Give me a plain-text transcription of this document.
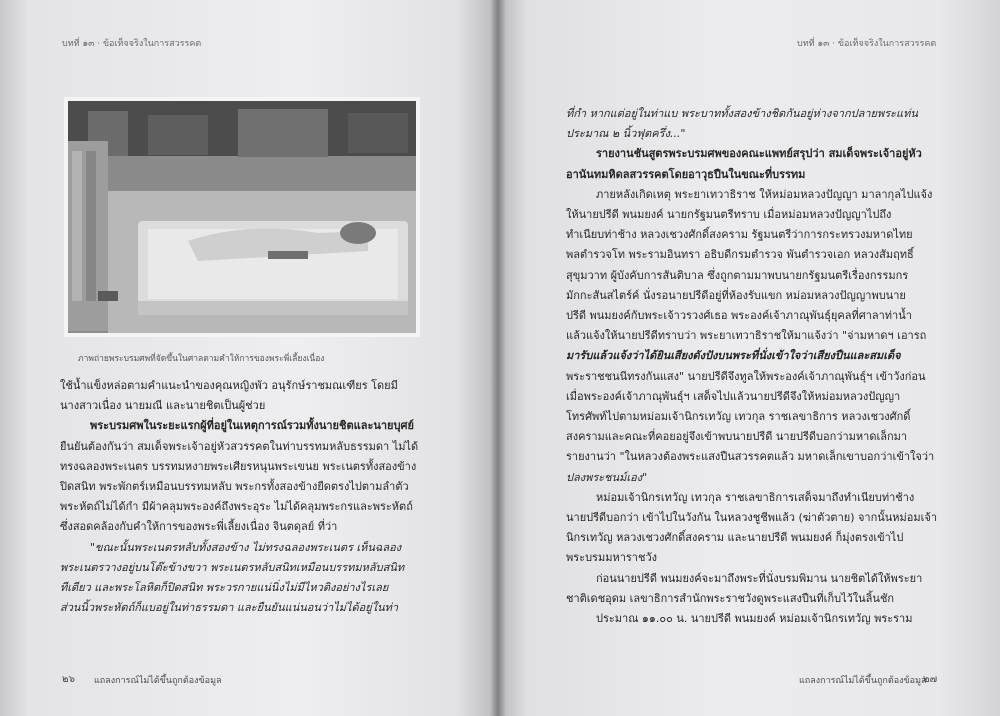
บทที่ ๑๓ · ข้อเท็จจริงในการสวรรคต
ภาพถ่ายพระบรมศพที่จัดขึ้นในศาลตามคำให้การของพระพี่เลี้ยงเนื่อง

ใช้น้ำแข็งหล่อตามคำแนะนำของคุณหญิงพัว อนุรักษ์ราชมณเฑียร โดยมี

นางสาวเนื่อง นายมณี และนายชิตเป็นผู้ช่วย

พระบรมศพในระยะแรกผู้ที่อยู่ในเหตุการณ์รวมทั้งนายชิตและนายบุศย์

ยืนยันต้องกันว่า สมเด็จพระเจ้าอยู่หัวสวรรคตในท่าบรรทมหลับธรรมดา ไม่ได้

ทรงฉลองพระเนตร บรรทมหงายพระเศียรหนุนพระเขนย พระเนตรทั้งสองข้าง

ปิดสนิท พระพักตร์เหมือนบรรทมหลับ พระกรทั้งสองข้างยืดตรงไปตามลำตัว

พระหัตถ์ไม่ได้กำ มีผ้าคลุมพระองค์ถึงพระอุระ ไม่ได้คลุมพระกรและพระหัตถ์

ซึ่งสอดคล้องกับคำให้การของพระพี่เลี้ยงเนื่อง จินตดุลย์ ที่ว่า

"ขณะนั้นพระเนตรหลับทั้งสองข้าง ไม่ทรงฉลองพระเนตร เห็นฉลอง

พระเนตรวางอยู่บนโต๊ะข้างขวา พระเนตรหลับสนิทเหมือนบรรทมหลับสนิท

ทีเดียว และพระโลหิตก็ปิดสนิท พระวรกายแน่นิ่งไม่มีไหวติงอย่างไรเลย

ส่วนนิ้วพระหัตถ์ก็แบอยู่ในท่าธรรมดา และยืนยันแน่นอนว่าไม่ได้อยู่ในท่า

๒๖ แถลงการณ์ไม่ได้ขึ้นถูกต้องข้อมูล
บทที่ ๑๓ · ข้อเท็จจริงในการสวรรคต

ที่กำ หากแต่อยู่ในท่าแบ พระบาททั้งสองข้างชิดกันอยู่ห่างจากปลายพระแท่น

ประมาณ ๒ นิ้วฟุตครึ่ง..."

รายงานชันสูตรพระบรมศพของคณะแพทย์สรุปว่า สมเด็จพระเจ้าอยู่หัว

อานันทมหิดลสวรรคตโดยอาวุธปืนในขณะที่บรรทม

ภายหลังเกิดเหตุ พระยาเทวาธิราช ให้หม่อมหลวงปัญญา มาลากุลไปแจ้ง

ให้นายปรีดี พนมยงค์ นายกรัฐมนตรีทราบ เมื่อหม่อมหลวงปัญญาไปถึง

ทำเนียบท่าช้าง หลวงเชวงศักดิ์สงคราม รัฐมนตรีว่าการกระทรวงมหาดไทย

พลตำรวจโท พระรามอินทรา อธิบดีกรมตำรวจ พันตำรวจเอก หลวงสัมฤทธิ์

สุขุมวาท ผู้บังคับการสันติบาล ซึ่งถูกตามมาพบนายกรัฐมนตรีเรื่องกรรมกร

มักกะสันสไตร์ค์ นั่งรอนายปรีดีอยู่ที่ห้องรับแขก หม่อมหลวงปัญญาพบนาย

ปรีดี พนมยงค์กับพระเจ้าวรวงศ์เธอ พระองค์เจ้าภาณุพันธุ์ยุคลที่ศาลาท่าน้ำ

แล้วแจ้งให้นายปรีดีทราบว่า พระยาเทวาธิราชให้มาแจ้งว่า "จ่ามหาดฯ เอารถ

มารับแล้วแจ้งว่าได้ยินเสียงดังปังบนพระที่นั่งเข้าใจว่าเสียงปืนและสมเด็จ

พระราชชนนีทรงกันแสง" นายปรีดีจึงทูลให้พระองค์เจ้าภาณุพันธุ์ฯ เข้าวังก่อน

เมื่อพระองค์เจ้าภาณุพันธุ์ฯ เสด็จไปแล้วนายปรีดีจึงให้หม่อมหลวงปัญญา

โทรศัพท์ไปตามหม่อมเจ้านิกรเทวัญ เทวกุล ราชเลขาธิการ หลวงเชวงศักดิ์

สงครามและคณะที่คอยอยู่จึงเข้าพบนายปรีดี นายปรีดีบอกว่ามหาดเล็กมา

รายงานว่า "ในหลวงต้องพระแสงปืนสวรรคตแล้ว มหาดเล็กเขาบอกว่าเข้าใจว่า

ปลงพระชนม์เอง"

หม่อมเจ้านิกรเทวัญ เทวกุล ราชเลขาธิการเสด็จมาถึงทำเนียบท่าช้าง

นายปรีดีบอกว่า เข้าไปในวังกัน ในหลวงชูชีพแล้ว (ฆ่าตัวตาย) จากนั้นหม่อมเจ้า

นิกรเทวัญ หลวงเชวงศักดิ์สงคราม และนายปรีดี พนมยงค์ ก็มุ่งตรงเข้าไป

พระบรมมหาราชวัง

ก่อนนายปรีดี พนมยงค์จะมาถึงพระที่นั่งบรมพิมาน นายชิตได้ให้พระยา

ชาติเดชอุดม เลขาธิการสำนักพระราชวังดูพระแสงปืนที่เก็บไว้ในลิ้นชัก

ประมาณ ๑๑.๐๐ น. นายปรีดี พนมยงค์ หม่อมเจ้านิกรเทวัญ พระราม

แถลงการณ์ไม่ได้ขึ้นถูกต้องข้อมูล
๒๗
